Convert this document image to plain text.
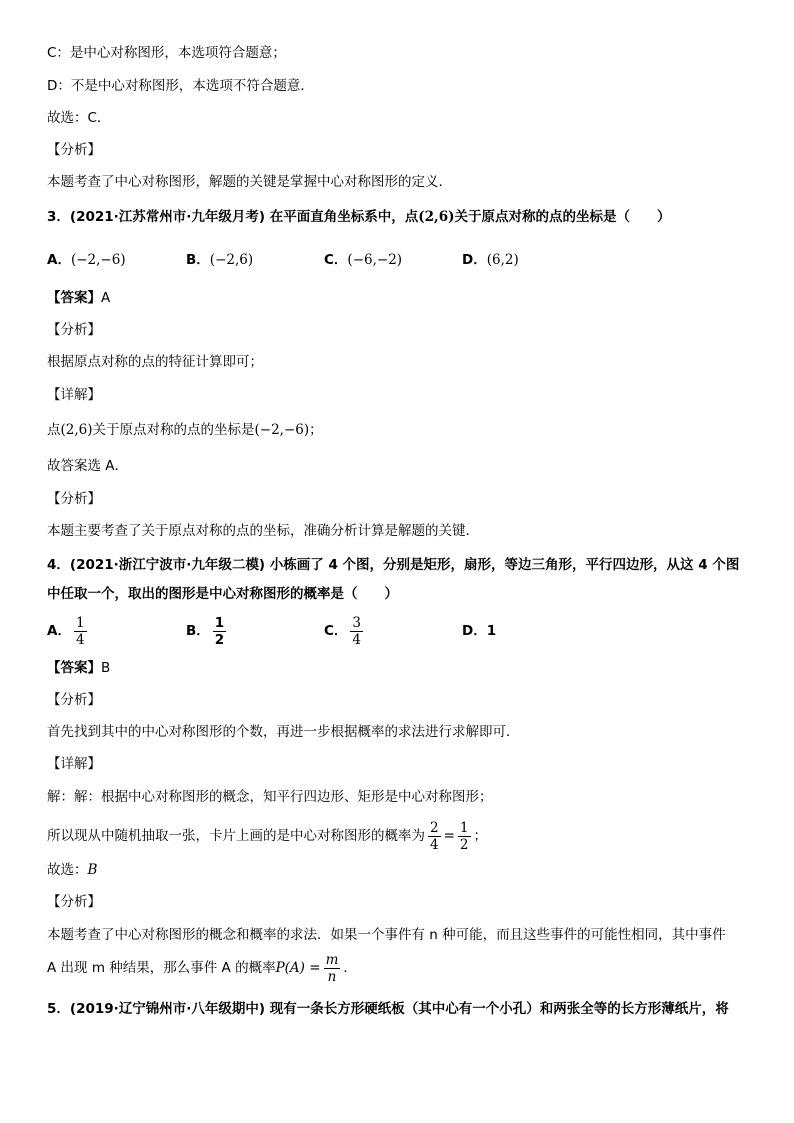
C：是中心对称图形，本选项符合题意；
D：不是中心对称图形，本选项不符合题意．
故选：C．
【分析】
本题考查了中心对称图形，解题的关键是掌握中心对称图形的定义．
3．(2021·江苏常州市·九年级月考) 在平面直角坐标系中，点(2,6)关于原点对称的点的坐标是（　　）
A．(−2,−6)	B．(−2,6)	C．(−6,−2)	D．(6,2)
【答案】A
【分析】
根据原点对称的点的特征计算即可；
【详解】
点(2,6)关于原点对称的点的坐标是(−2,−6)；
故答案选 A．
【分析】
本题主要考查了关于原点对称的点的坐标，准确分析计算是解题的关键．
4．(2021·浙江宁波市·九年级二模) 小栋画了 4 个图，分别是矩形，扇形，等边三角形，平行四边形，从这 4 个图
中任取一个，取出的图形是中心对称图形的概率是（　　）
A． $\frac{1}{4}$	B． $\frac{1}{2}$	C． $\frac{3}{4}$	D．1
【答案】B
【分析】
首先找到其中的中心对称图形的个数，再进一步根据概率的求法进行求解即可．
【详解】
解：解：根据中心对称图形的概念，知平行四边形、矩形是中心对称图形；
所以现从中随机抽取一张，卡片上画的是中心对称图形的概率为 $\frac{2}{4} = \frac{1}{2}$ ；
故选：B
【分析】
本题考查了中心对称图形的概念和概率的求法．如果一个事件有 n 种可能，而且这些事件的可能性相同，其中事件
A 出现 m 种结果，那么事件 A 的概率$P(A) = \frac{m}{n}$ ．
5．(2019·辽宁锦州市·八年级期中) 现有一条长方形硬纸板（其中心有一个小孔）和两张全等的长方形薄纸片，将
